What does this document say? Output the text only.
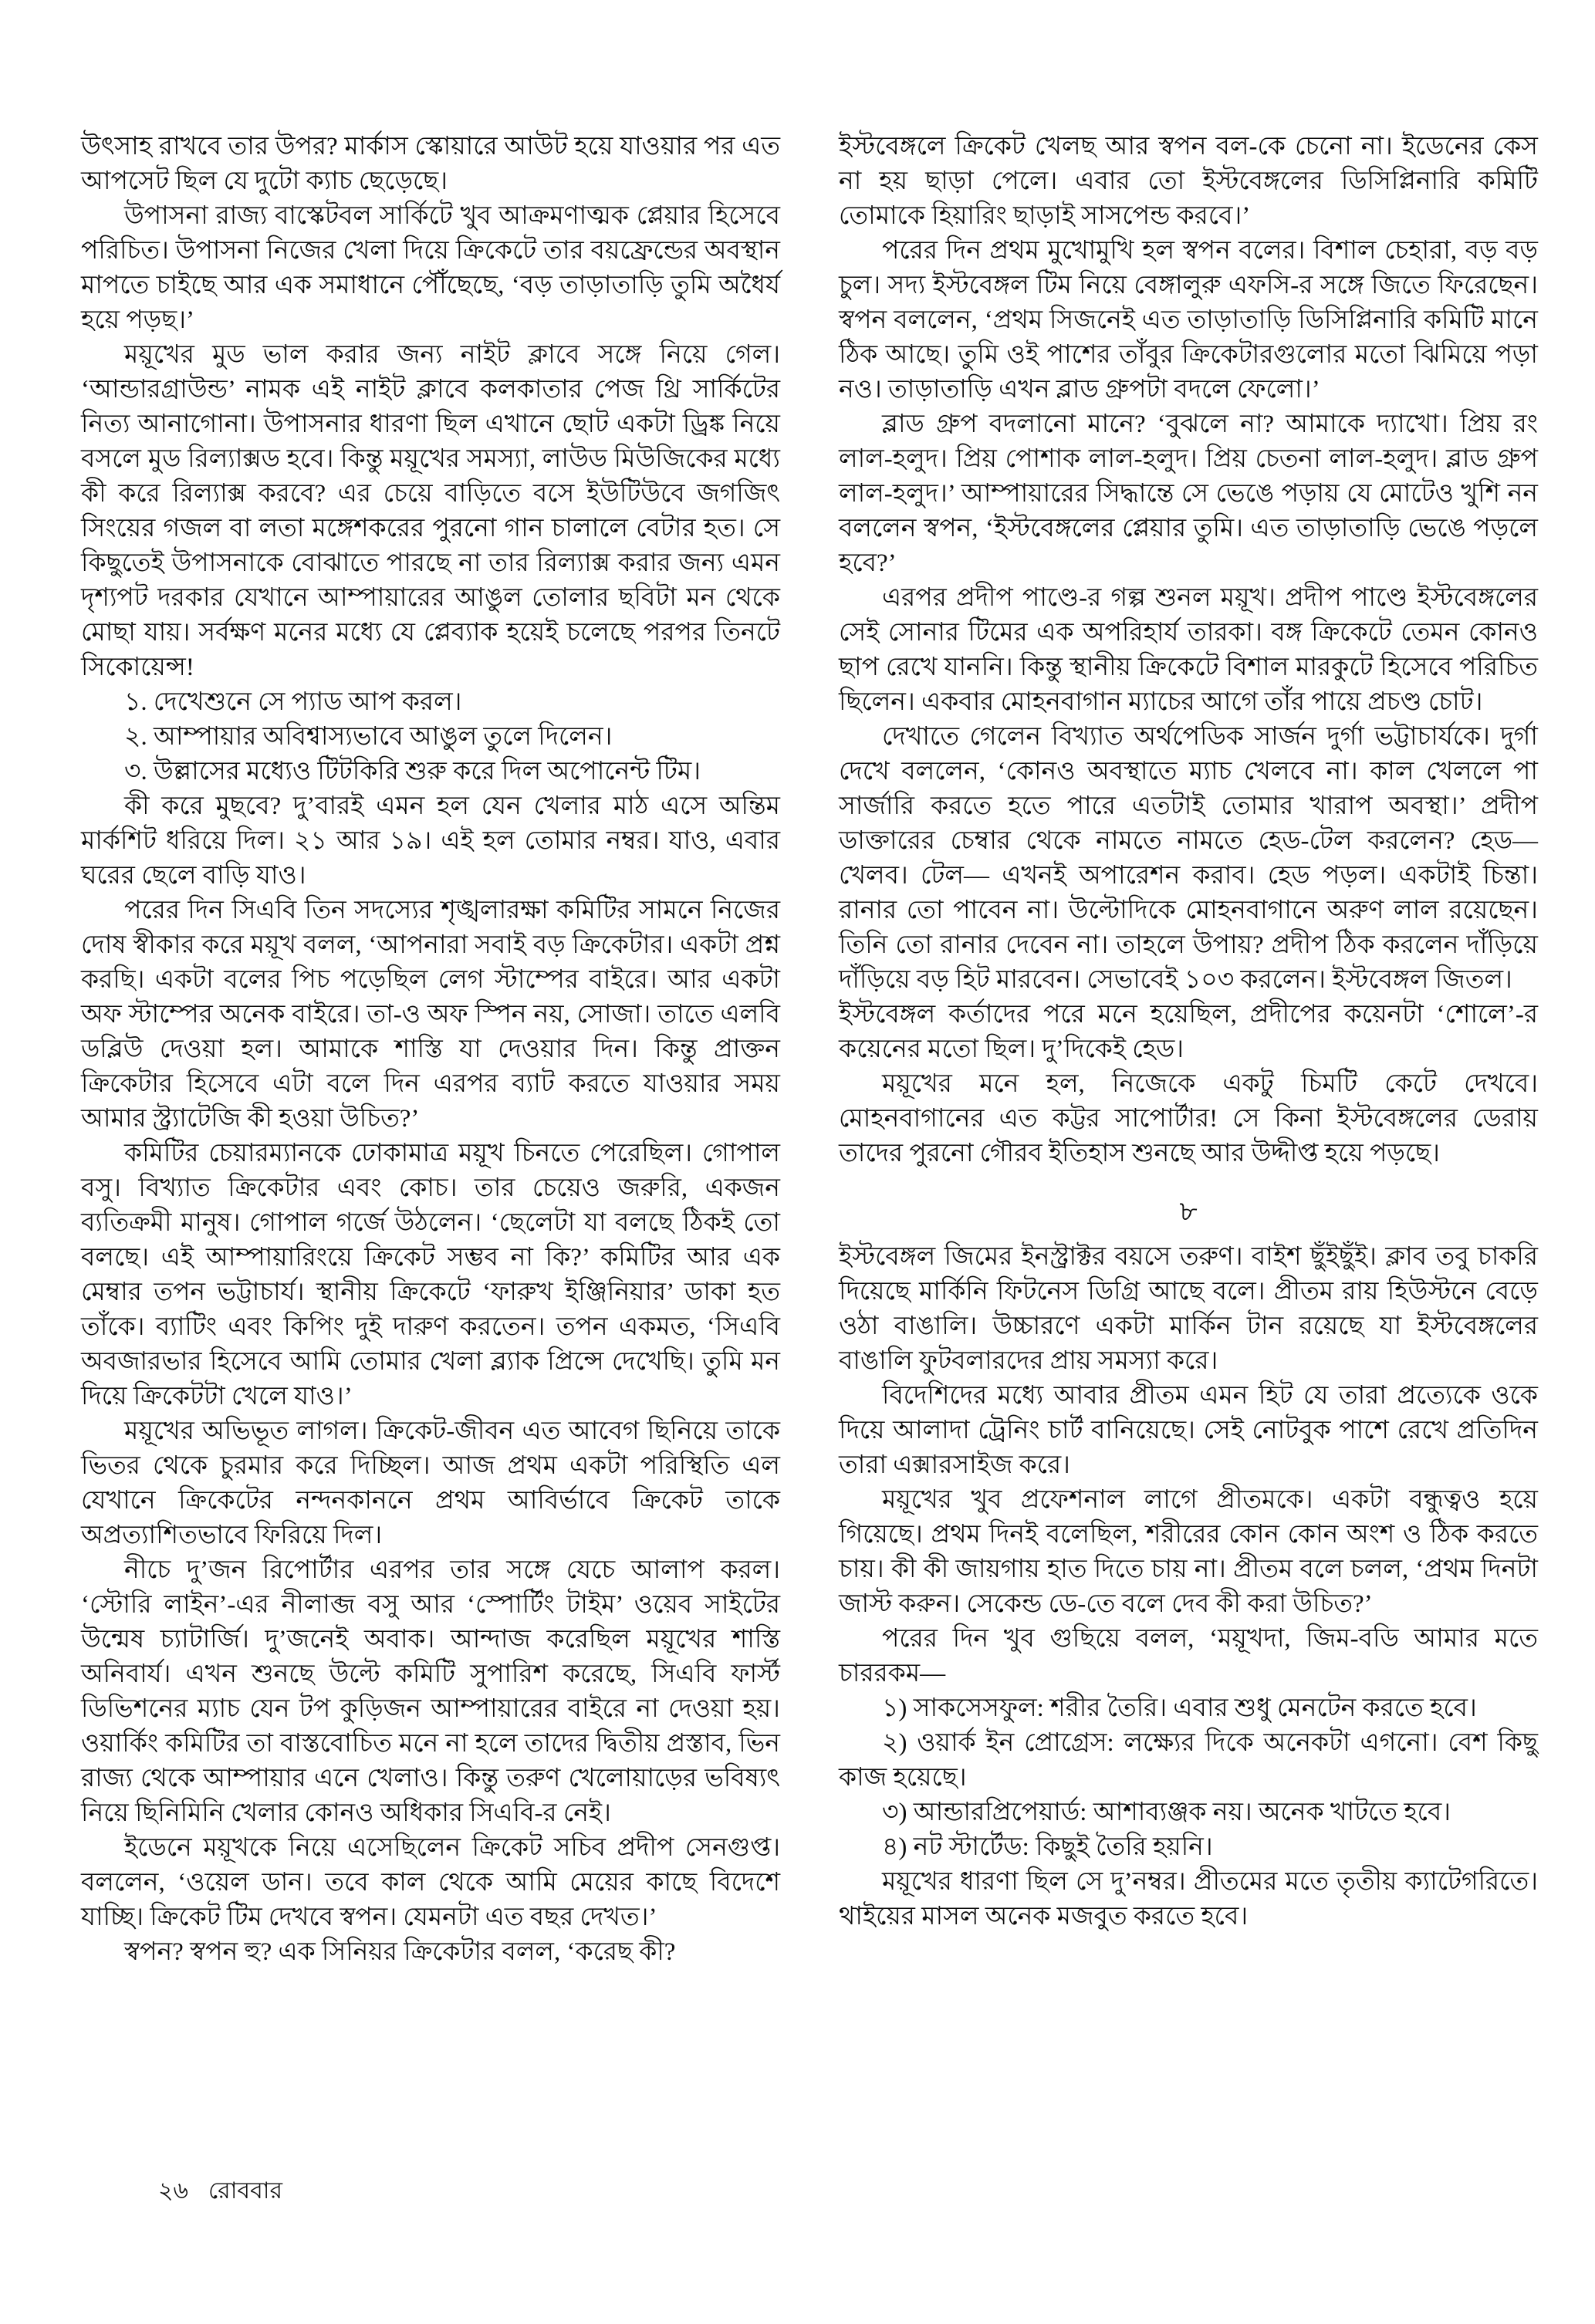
উৎসাহ রাখবে তার উপর? মার্কাস স্কোয়ারে আউট হয়ে যাওয়ার পর এত আপসেট ছিল যে দুটো ক্যাচ ছেড়েছে।

উপাসনা রাজ্য বাস্কেটবল সার্কিটে খুব আক্রমণাত্মক প্লেয়ার হিসেবে পরিচিত। উপাসনা নিজের খেলা দিয়ে ক্রিকেটে তার বয়ফ্রেন্ডের অবস্থান মাপতে চাইছে আর এক সমাধানে পৌঁছেছে, ‘বড় তাড়াতাড়ি তুমি অধৈর্য হয়ে পড়ছ।’

ময়ূখের মুড ভাল করার জন্য নাইট ক্লাবে সঙ্গে নিয়ে গেল। ‘আন্ডারগ্রাউন্ড’ নামক এই নাইট ক্লাবে কলকাতার পেজ থ্রি সার্কিটের নিত্য আনাগোনা। উপাসনার ধারণা ছিল এখানে ছোট একটা ড্রিঙ্ক নিয়ে বসলে মুড রিল্যাক্সড হবে। কিন্তু ময়ূখের সমস্যা, লাউড মিউজিকের মধ্যে কী করে রিল্যাক্স করবে? এর চেয়ে বাড়িতে বসে ইউটিউবে জগজিৎ সিংয়ের গজল বা লতা মঙ্গেশকরের পুরনো গান চালালে বেটার হত। সে কিছুতেই উপাসনাকে বোঝাতে পারছে না তার রিল্যাক্স করার জন্য এমন দৃশ্যপট দরকার যেখানে আম্পায়ারের আঙুল তোলার ছবিটা মন থেকে মোছা যায়। সর্বক্ষণ মনের মধ্যে যে প্লেব্যাক হয়েই চলেছে পরপর তিনটে সিকোয়েন্স!

১. দেখেশুনে সে প্যাড আপ করল।

২. আম্পায়ার অবিশ্বাস্যভাবে আঙুল তুলে দিলেন।

৩. উল্লাসের মধ্যেও টিটকিরি শুরু করে দিল অপোনেন্ট টিম।

কী করে মুছবে? দু’বারই এমন হল যেন খেলার মাঠ এসে অন্তিম মার্কশিট ধরিয়ে দিল। ২১ আর ১৯। এই হল তোমার নম্বর। যাও, এবার ঘরের ছেলে বাড়ি যাও।

পরের দিন সিএবি তিন সদস্যের শৃঙ্খলারক্ষা কমিটির সামনে নিজের দোষ স্বীকার করে ময়ূখ বলল, ‘আপনারা সবাই বড় ক্রিকেটার। একটা প্রশ্ন করছি। একটা বলের পিচ পড়েছিল লেগ স্টাম্পের বাইরে। আর একটা অফ স্টাম্পের অনেক বাইরে। তা-ও অফ স্পিন নয়, সোজা। তাতে এলবি ডব্লিউ দেওয়া হল। আমাকে শাস্তি যা দেওয়ার দিন। কিন্তু প্রাক্তন ক্রিকেটার হিসেবে এটা বলে দিন এরপর ব্যাট করতে যাওয়ার সময় আমার স্ট্র্যাটেজি কী হওয়া উচিত?’

কমিটির চেয়ারম্যানকে ঢোকামাত্র ময়ূখ চিনতে পেরেছিল। গোপাল বসু। বিখ্যাত ক্রিকেটার এবং কোচ। তার চেয়েও জরুরি, একজন ব্যতিক্রমী মানুষ। গোপাল গর্জে উঠলেন। ‘ছেলেটা যা বলছে ঠিকই তো বলছে। এই আম্পায়ারিংয়ে ক্রিকেট সম্ভব না কি?’ কমিটির আর এক মেম্বার তপন ভট্টাচার্য। স্থানীয় ক্রিকেটে ‘ফারুখ ইঞ্জিনিয়ার’ ডাকা হত তাঁকে। ব্যাটিং এবং কিপিং দুই দারুণ করতেন। তপন একমত, ‘সিএবি অবজারভার হিসেবে আমি তোমার খেলা ব্ল্যাক প্রিন্সে দেখেছি। তুমি মন দিয়ে ক্রিকেটটা খেলে যাও।’

ময়ূখের অভিভূত লাগল। ক্রিকেট-জীবন এত আবেগ ছিনিয়ে তাকে ভিতর থেকে চুরমার করে দিচ্ছিল। আজ প্রথম একটা পরিস্থিতি এল যেখানে ক্রিকেটের নন্দনকাননে প্রথম আবির্ভাবে ক্রিকেট তাকে অপ্রত্যাশিতভাবে ফিরিয়ে দিল।

নীচে দু’জন রিপোর্টার এরপর তার সঙ্গে যেচে আলাপ করল। ‘স্টোরি লাইন’-এর নীলাব্জ বসু আর ‘স্পোর্টিং টাইম’ ওয়েব সাইটের উন্মেষ চ্যাটার্জি। দু’জনেই অবাক। আন্দাজ করেছিল ময়ূখের শাস্তি অনিবার্য। এখন শুনছে উল্টে কমিটি সুপারিশ করেছে, সিএবি ফার্স্ট ডিভিশনের ম্যাচ যেন টপ কুড়িজন আম্পায়ারের বাইরে না দেওয়া হয়। ওয়ার্কিং কমিটির তা বাস্তবোচিত মনে না হলে তাদের দ্বিতীয় প্রস্তাব, ভিন রাজ্য থেকে আম্পায়ার এনে খেলাও। কিন্তু তরুণ খেলোয়াড়ের ভবিষ্যৎ নিয়ে ছিনিমিনি খেলার কোনও অধিকার সিএবি-র নেই।

ইডেনে ময়ূখকে নিয়ে এসেছিলেন ক্রিকেট সচিব প্রদীপ সেনগুপ্ত। বললেন, ‘ওয়েল ডান। তবে কাল থেকে আমি মেয়ের কাছে বিদেশে যাচ্ছি। ক্রিকেট টিম দেখবে স্বপন। যেমনটা এত বছর দেখত।’

স্বপন? স্বপন হু? এক সিনিয়র ক্রিকেটার বলল, ‘করেছ কী?

ইস্টবেঙ্গলে ক্রিকেট খেলছ আর স্বপন বল-কে চেনো না। ইডেনের কেস না হয় ছাড়া পেলে। এবার তো ইস্টবেঙ্গলের ডিসিপ্লিনারি কমিটি তোমাকে হিয়ারিং ছাড়াই সাসপেন্ড করবে।’

পরের দিন প্রথম মুখোমুখি হল স্বপন বলের। বিশাল চেহারা, বড় বড় চুল। সদ্য ইস্টবেঙ্গল টিম নিয়ে বেঙ্গালুরু এফসি-র সঙ্গে জিতে ফিরেছেন। স্বপন বললেন, ‘প্রথম সিজনেই এত তাড়াতাড়ি ডিসিপ্লিনারি কমিটি মানে ঠিক আছে। তুমি ওই পাশের তাঁবুর ক্রিকেটারগুলোর মতো ঝিমিয়ে পড়া নও। তাড়াতাড়ি এখন ব্লাড গ্রুপটা বদলে ফেলো।’

ব্লাড গ্রুপ বদলানো মানে? ‘বুঝলে না? আমাকে দ্যাখো। প্রিয় রং লাল-হলুদ। প্রিয় পোশাক লাল-হলুদ। প্রিয় চেতনা লাল-হলুদ। ব্লাড গ্রুপ লাল-হলুদ।’ আম্পায়ারের সিদ্ধান্তে সে ভেঙে পড়ায় যে মোটেও খুশি নন বললেন স্বপন, ‘ইস্টবেঙ্গলের প্লেয়ার তুমি। এত তাড়াতাড়ি ভেঙে পড়লে হবে?’

এরপর প্রদীপ পাণ্ডে-র গল্প শুনল ময়ূখ। প্রদীপ পাণ্ডে ইস্টবেঙ্গলের সেই সোনার টিমের এক অপরিহার্য তারকা। বঙ্গ ক্রিকেটে তেমন কোনও ছাপ রেখে যাননি। কিন্তু স্থানীয় ক্রিকেটে বিশাল মারকুটে হিসেবে পরিচিত ছিলেন। একবার মোহনবাগান ম্যাচের আগে তাঁর পায়ে প্রচণ্ড চোট।

দেখাতে গেলেন বিখ্যাত অর্থপেডিক সার্জন দুর্গা ভট্টাচার্যকে। দুর্গা দেখে বললেন, ‘কোনও অবস্থাতে ম্যাচ খেলবে না। কাল খেললে পা সার্জারি করতে হতে পারে এতটাই তোমার খারাপ অবস্থা।’ প্রদীপ ডাক্তারের চেম্বার থেকে নামতে নামতে হেড-টেল করলেন? হেড— খেলব। টেল— এখনই অপারেশন করাব। হেড পড়ল। একটাই চিন্তা। রানার তো পাবেন না। উল্টোদিকে মোহনবাগানে অরুণ লাল রয়েছেন। তিনি তো রানার দেবেন না। তাহলে উপায়? প্রদীপ ঠিক করলেন দাঁড়িয়ে দাঁড়িয়ে বড় হিট মারবেন। সেভাবেই ১০৩ করলেন। ইস্টবেঙ্গল জিতল।

ইস্টবেঙ্গল কর্তাদের পরে মনে হয়েছিল, প্রদীপের কয়েনটা ‘শোলে’-র কয়েনের মতো ছিল। দু’দিকেই হেড।

ময়ূখের মনে হল, নিজেকে একটু চিমটি কেটে দেখবে। মোহনবাগানের এত কট্টর সাপোর্টার! সে কিনা ইস্টবেঙ্গলের ডেরায় তাদের পুরনো গৌরব ইতিহাস শুনছে আর উদ্দীপ্ত হয়ে পড়ছে।

৮

ইস্টবেঙ্গল জিমের ইনস্ট্রাক্টর বয়সে তরুণ। বাইশ ছুঁইছুঁই। ক্লাব তবু চাকরি দিয়েছে মার্কিনি ফিটনেস ডিগ্রি আছে বলে। প্রীতম রায় হিউস্টনে বেড়ে ওঠা বাঙালি। উচ্চারণে একটা মার্কিন টান রয়েছে যা ইস্টবেঙ্গলের বাঙালি ফুটবলারদের প্রায় সমস্যা করে।

বিদেশিদের মধ্যে আবার প্রীতম এমন হিট যে তারা প্রত্যেকে ওকে দিয়ে আলাদা ট্রেনিং চার্ট বানিয়েছে। সেই নোটবুক পাশে রেখে প্রতিদিন তারা এক্সারসাইজ করে।

ময়ূখের খুব প্রফেশনাল লাগে প্রীতমকে। একটা বন্ধুত্বও হয়ে গিয়েছে। প্রথম দিনই বলেছিল, শরীরের কোন কোন অংশ ও ঠিক করতে চায়। কী কী জায়গায় হাত দিতে চায় না। প্রীতম বলে চলল, ‘প্রথম দিনটা জাস্ট করুন। সেকেন্ড ডে-তে বলে দেব কী করা উচিত?’

পরের দিন খুব গুছিয়ে বলল, ‘ময়ূখদা, জিম-বডি আমার মতে চাররকম—

১) সাকসেসফুল: শরীর তৈরি। এবার শুধু মেনটেন করতে হবে।

২) ওয়ার্ক ইন প্রোগ্রেস: লক্ষ্যের দিকে অনেকটা এগনো। বেশ কিছু কাজ হয়েছে।

৩) আন্ডারপ্রিপেয়ার্ড: আশাব্যঞ্জক নয়। অনেক খাটতে হবে।

৪) নট স্টার্টেড: কিছুই তৈরি হয়নি।

ময়ূখের ধারণা ছিল সে দু’নম্বর। প্রীতমের মতে তৃতীয় ক্যাটেগরিতে। থাইয়ের মাসল অনেক মজবুত করতে হবে।

২৬ রোববার
